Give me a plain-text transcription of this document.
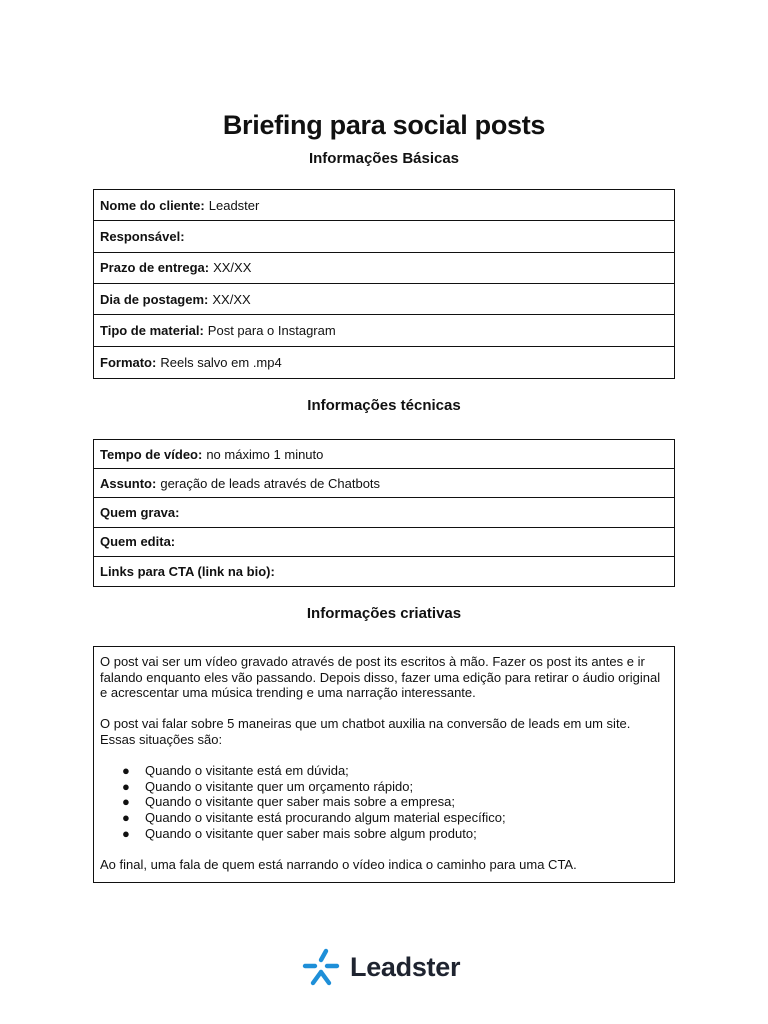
Briefing para social posts
Informações Básicas
Nome do cliente: Leadster
Responsável:
Prazo de entrega: XX/XX
Dia de postagem: XX/XX
Tipo de material: Post para o Instagram
Formato: Reels salvo em .mp4
Informações técnicas
Tempo de vídeo: no máximo 1 minuto
Assunto: geração de leads através de Chatbots
Quem grava:
Quem edita:
Links para CTA (link na bio):
Informações criativas

O post vai ser um vídeo gravado através de post its escritos à mão. Fazer os post its antes e ir falando enquanto eles vão passando. Depois disso, fazer uma edição para retirar o áudio original e acrescentar uma música trending e uma narração interessante.

O post vai falar sobre 5 maneiras que um chatbot auxilia na conversão de leads em um site. Essas situações são:

● Quando o visitante está em dúvida;
● Quando o visitante quer um orçamento rápido;
● Quando o visitante quer saber mais sobre a empresa;
● Quando o visitante está procurando algum material específico;
● Quando o visitante quer saber mais sobre algum produto;

Ao final, uma fala de quem está narrando o vídeo indica o caminho para uma CTA.

Leadster
